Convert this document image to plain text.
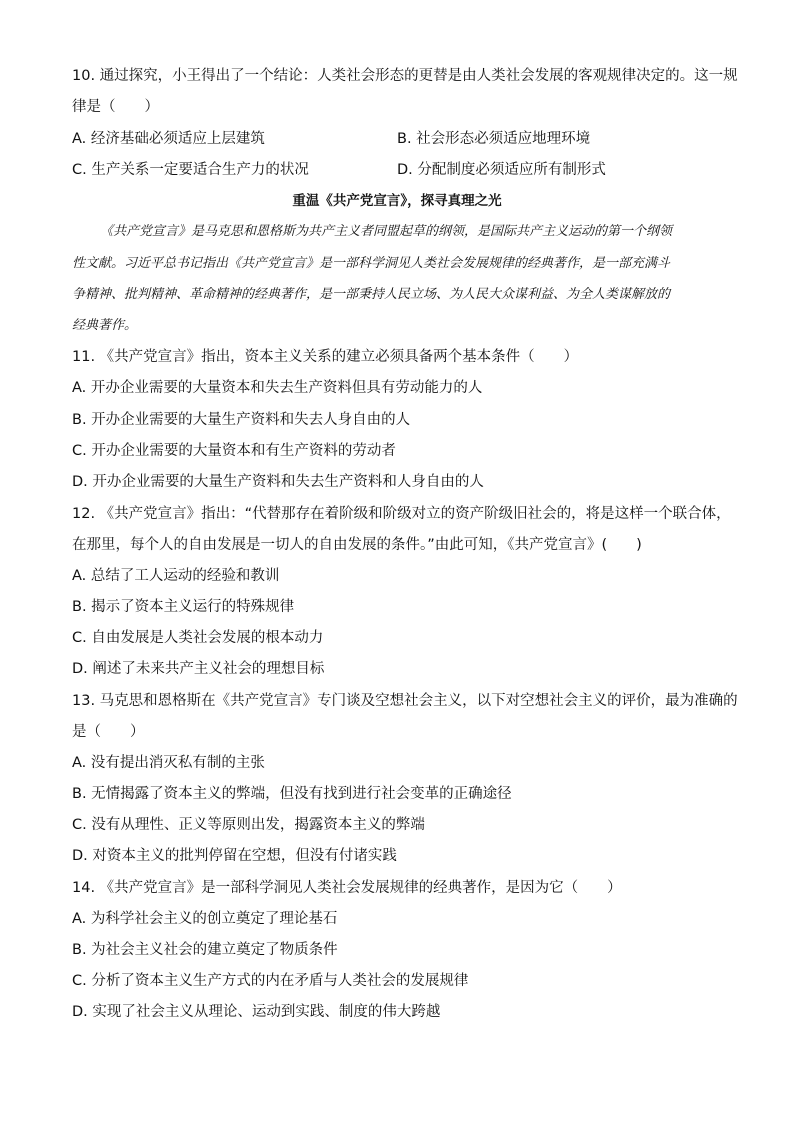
10. 通过探究，小王得出了一个结论：人类社会形态的更替是由人类社会发展的客观规律决定的。这一规
律是（　　）
A. 经济基础必须适应上层建筑	B. 社会形态必须适应地理环境
C. 生产关系一定要适合生产力的状况	D. 分配制度必须适应所有制形式
重温《共产党宣言》，探寻真理之光
《共产党宣言》是马克思和恩格斯为共产主义者同盟起草的纲领，是国际共产主义运动的第一个纲领
性文献。习近平总书记指出《共产党宣言》是一部科学洞见人类社会发展规律的经典著作，是一部充满斗
争精神、批判精神、革命精神的经典著作，是一部秉持人民立场、为人民大众谋利益、为全人类谋解放的
经典著作。
11. 《共产党宣言》指出，资本主义关系的建立必须具备两个基本条件（　　）
A. 开办企业需要的大量资本和失去生产资料但具有劳动能力的人
B. 开办企业需要的大量生产资料和失去人身自由的人
C. 开办企业需要的大量资本和有生产资料的劳动者
D. 开办企业需要的大量生产资料和失去生产资料和人身自由的人
12. 《共产党宣言》指出：“代替那存在着阶级和阶级对立的资产阶级旧社会的，将是这样一个联合体，
在那里，每个人的自由发展是一切人的自由发展的条件。”由此可知，《共产党宣言》(　　)
A. 总结了工人运动的经验和教训
B. 揭示了资本主义运行的特殊规律
C. 自由发展是人类社会发展的根本动力
D. 阐述了未来共产主义社会的理想目标
13. 马克思和恩格斯在《共产党宣言》专门谈及空想社会主义，以下对空想社会主义的评价，最为准确的
是（　　）
A. 没有提出消灭私有制的主张
B. 无情揭露了资本主义的弊端，但没有找到进行社会变革的正确途径
C. 没有从理性、正义等原则出发，揭露资本主义的弊端
D. 对资本主义的批判停留在空想，但没有付诸实践
14. 《共产党宣言》是一部科学洞见人类社会发展规律的经典著作，是因为它（　　）
A. 为科学社会主义的创立奠定了理论基石
B. 为社会主义社会的建立奠定了物质条件
C. 分析了资本主义生产方式的内在矛盾与人类社会的发展规律
D. 实现了社会主义从理论、运动到实践、制度的伟大跨越
